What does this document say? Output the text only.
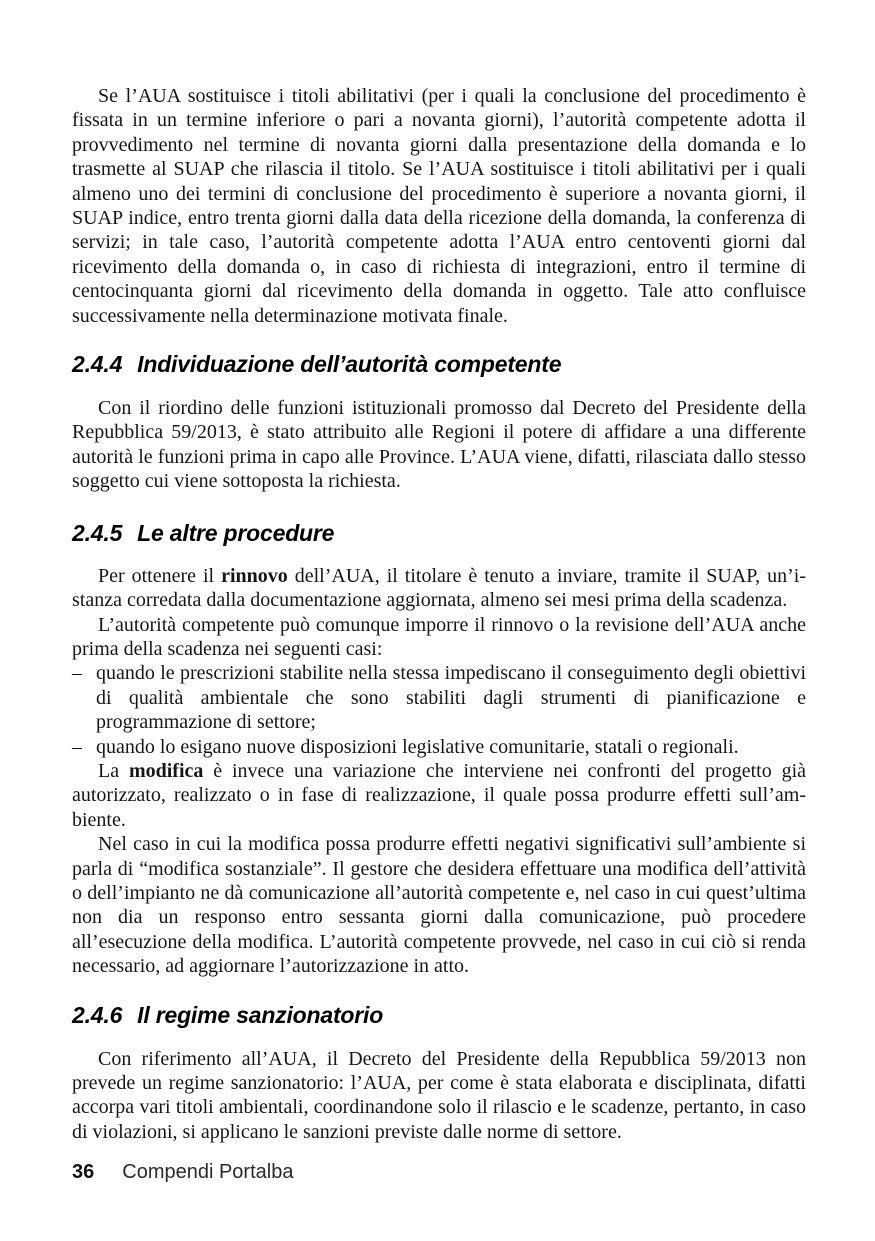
Se l’AUA sostituisce i titoli abilitativi (per i quali la conclusione del procedimento è fissata in un termine inferiore o pari a novanta giorni), l’autorità competente adotta il provvedimento nel termine di novanta giorni dalla presentazione della domanda e lo trasmette al SUAP che rilascia il titolo. Se l’AUA sostituisce i titoli abilitativi per i quali almeno uno dei termini di conclusione del procedimento è superiore a novanta giorni, il SUAP indice, entro trenta giorni dalla data della ricezione della domanda, la conferenza di servizi; in tale caso, l’autorità competente adotta l’AUA entro centoventi giorni dal ricevimento della domanda o, in caso di richiesta di integrazioni, entro il termine di centocinquanta giorni dal ricevimento della domanda in oggetto. Tale atto confluisce successivamente nella determinazione motivata finale.

2.4.4 Individuazione dell’autorità competente

Con il riordino delle funzioni istituzionali promosso dal Decreto del Presidente della Repubblica 59/2013, è stato attribuito alle Regioni il potere di affidare a una differente autorità le funzioni prima in capo alle Province. L’AUA viene, difatti, rilasciata dallo stesso soggetto cui viene sottoposta la richiesta.

2.4.5 Le altre procedure

Per ottenere il rinnovo dell’AUA, il titolare è tenuto a inviare, tramite il SUAP, un’istanza corredata dalla documentazione aggiornata, almeno sei mesi prima della scadenza.

L’autorità competente può comunque imporre il rinnovo o la revisione dell’AUA anche prima della scadenza nei seguenti casi:

– quando le prescrizioni stabilite nella stessa impediscano il conseguimento degli obiettivi di qualità ambientale che sono stabiliti dagli strumenti di pianificazione e programmazione di settore;
– quando lo esigano nuove disposizioni legislative comunitarie, statali o regionali.

La modifica è invece una variazione che interviene nei confronti del progetto già autorizzato, realizzato o in fase di realizzazione, il quale possa produrre effetti sull’ambiente.

Nel caso in cui la modifica possa produrre effetti negativi significativi sull’ambiente si parla di “modifica sostanziale”. Il gestore che desidera effettuare una modifica dell’attività o dell’impianto ne dà comunicazione all’autorità competente e, nel caso in cui quest’ultima non dia un responso entro sessanta giorni dalla comunicazione, può procedere all’esecuzione della modifica. L’autorità competente provvede, nel caso in cui ciò si renda necessario, ad aggiornare l’autorizzazione in atto.

2.4.6 Il regime sanzionatorio

Con riferimento all’AUA, il Decreto del Presidente della Repubblica 59/2013 non prevede un regime sanzionatorio: l’AUA, per come è stata elaborata e disciplinata, difatti accorpa vari titoli ambientali, coordinandone solo il rilascio e le scadenze, pertanto, in caso di violazioni, si applicano le sanzioni previste dalle norme di settore.

36 Compendi Portalba
